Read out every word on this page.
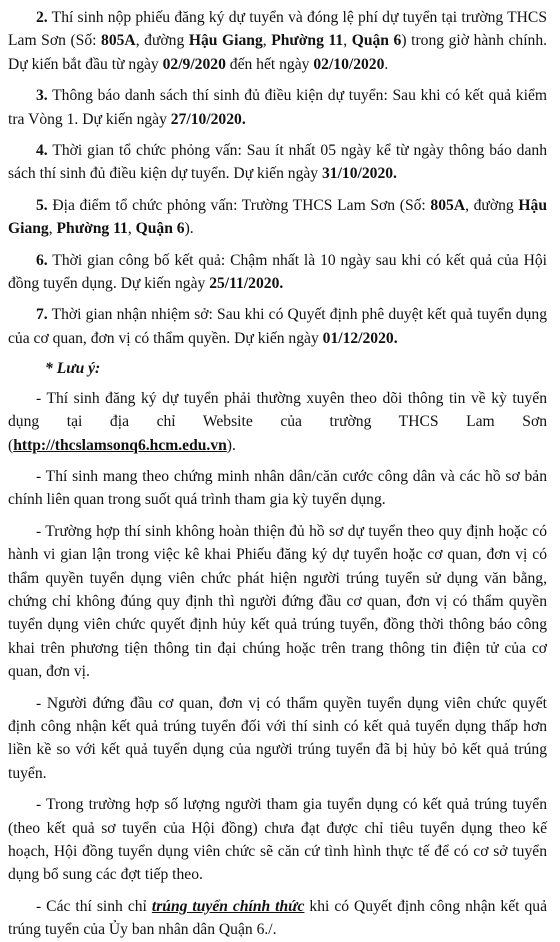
2. Thí sinh nộp phiếu đăng ký dự tuyển và đóng lệ phí dự tuyển tại trường THCS Lam Sơn (Số: 805A, đường Hậu Giang, Phường 11, Quận 6) trong giờ hành chính. Dự kiến bắt đầu từ ngày 02/9/2020 đến hết ngày 02/10/2020.

3. Thông báo danh sách thí sinh đủ điều kiện dự tuyển: Sau khi có kết quả kiểm tra Vòng 1. Dự kiến ngày 27/10/2020.

4. Thời gian tổ chức phỏng vấn: Sau ít nhất 05 ngày kể từ ngày thông báo danh sách thí sinh đủ điều kiện dự tuyển. Dự kiến ngày 31/10/2020.

5. Địa điểm tổ chức phỏng vấn: Trường THCS Lam Sơn (Số: 805A, đường Hậu Giang, Phường 11, Quận 6).

6. Thời gian công bố kết quả: Chậm nhất là 10 ngày sau khi có kết quả của Hội đồng tuyển dụng. Dự kiến ngày 25/11/2020.

7. Thời gian nhận nhiệm sở: Sau khi có Quyết định phê duyệt kết quả tuyển dụng của cơ quan, đơn vị có thẩm quyền. Dự kiến ngày 01/12/2020.

* Lưu ý:

- Thí sinh đăng ký dự tuyển phải thường xuyên theo dõi thông tin về kỳ tuyển dụng tại địa chỉ Website của trường THCS Lam Sơn (http://thcslamsonq6.hcm.edu.vn).

- Thí sinh mang theo chứng minh nhân dân/căn cước công dân và các hồ sơ bản chính liên quan trong suốt quá trình tham gia kỳ tuyển dụng.

- Trường hợp thí sinh không hoàn thiện đủ hồ sơ dự tuyển theo quy định hoặc có hành vi gian lận trong việc kê khai Phiếu đăng ký dự tuyển hoặc cơ quan, đơn vị có thẩm quyền tuyển dụng viên chức phát hiện người trúng tuyển sử dụng văn bằng, chứng chỉ không đúng quy định thì người đứng đầu cơ quan, đơn vị có thẩm quyền tuyển dụng viên chức quyết định hủy kết quả trúng tuyển, đồng thời thông báo công khai trên phương tiện thông tin đại chúng hoặc trên trang thông tin điện tử của cơ quan, đơn vị.

- Người đứng đầu cơ quan, đơn vị có thẩm quyền tuyển dụng viên chức quyết định công nhận kết quả trúng tuyển đối với thí sinh có kết quả tuyển dụng thấp hơn liền kề so với kết quả tuyển dụng của người trúng tuyển đã bị hủy bỏ kết quả trúng tuyển.

- Trong trường hợp số lượng người tham gia tuyển dụng có kết quả trúng tuyển (theo kết quả sơ tuyển của Hội đồng) chưa đạt được chỉ tiêu tuyển dụng theo kế hoạch, Hội đồng tuyển dụng viên chức sẽ căn cứ tình hình thực tế để có cơ sở tuyển dụng bổ sung các đợt tiếp theo.

- Các thí sinh chỉ trúng tuyển chính thức khi có Quyết định công nhận kết quả trúng tuyển của Ủy ban nhân dân Quận 6./.
